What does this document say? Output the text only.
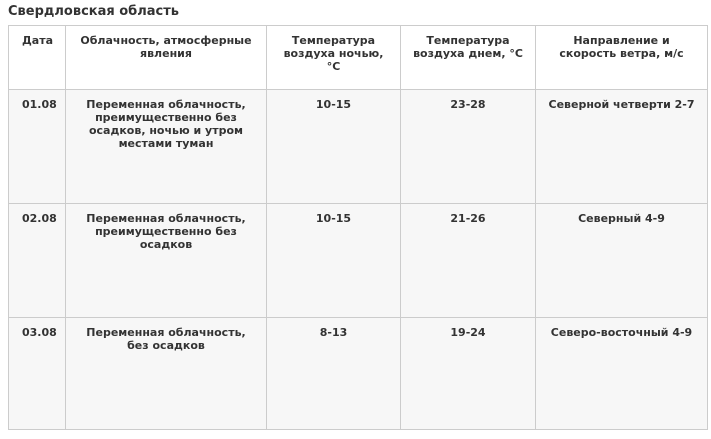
Свердловская область
Дата	Облачность, атмосферные явления	Температура воздуха ночью, °C	Температура воздуха днем, °C	Направление и скорость ветра, м/с
01.08	Переменная облачность, преимущественно без осадков, ночью и утром местами туман	10-15	23-28	Северной четверти 2-7
02.08	Переменная облачность, преимущественно без осадков	10-15	21-26	Северный 4-9
03.08	Переменная облачность, без осадков	8-13	19-24	Северо-восточный 4-9
